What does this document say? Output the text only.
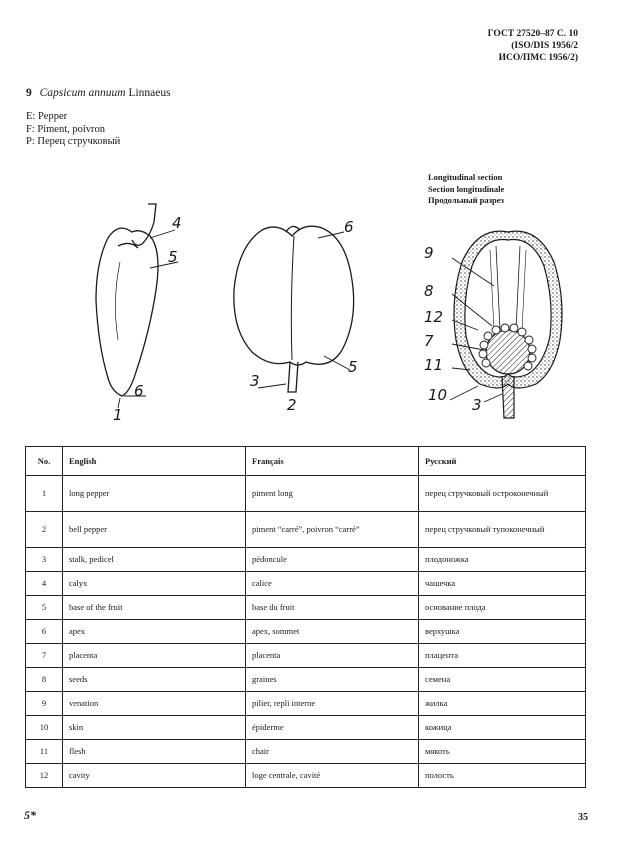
ГОСТ 27520–87 С. 10
(ISO/DIS 1956/2
ИСО/ПМС 1956/2)
9 Capsicum annuum Linnaeus
E: Pepper
F: Piment, poivron
P: Перец стручковый
Longitudinal section
Section longitudinale
Продольный разрез
4
5
6
1
6
5
3
2
9
8
12
7
11
10
3
No.	English	Français	Русский
1	long pepper	piment long	перец стручковый остроконечный
2	bell pepper	piment “carré”, poivron “carré”	перец стручковый тупоконечный
3	stalk, pedicel	pédoncule	плодоножка
4	calyx	calice	чашечка
5	base of the fruit	base du fruit	основание плода
6	apex	apex, sommet	верхушка
7	placenta	placenta	плацента
8	seeds	graines	семена
9	venation	pilier, repli interne	жилка
10	skin	épiderme	кожица
11	flesh	chair	мякоть
12	cavity	loge centrale, cavité	полость
5*	35
